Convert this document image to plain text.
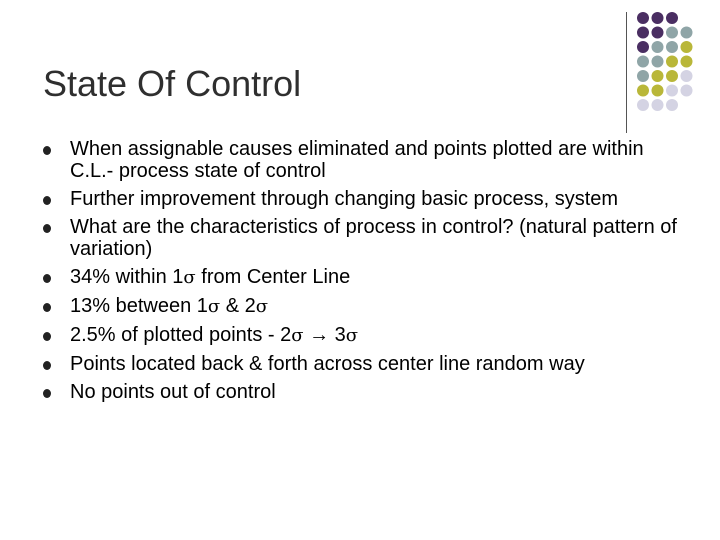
State Of Control
When assignable causes eliminated and points plotted are within C.L.- process state of control
Further improvement through changing basic process, system
What are the characteristics of process in control? (natural pattern of variation)
34% within 1σ from Center Line
13% between 1σ & 2σ
2.5% of plotted points - 2σ → 3σ
Points located back & forth across center line random way
No points out of control
